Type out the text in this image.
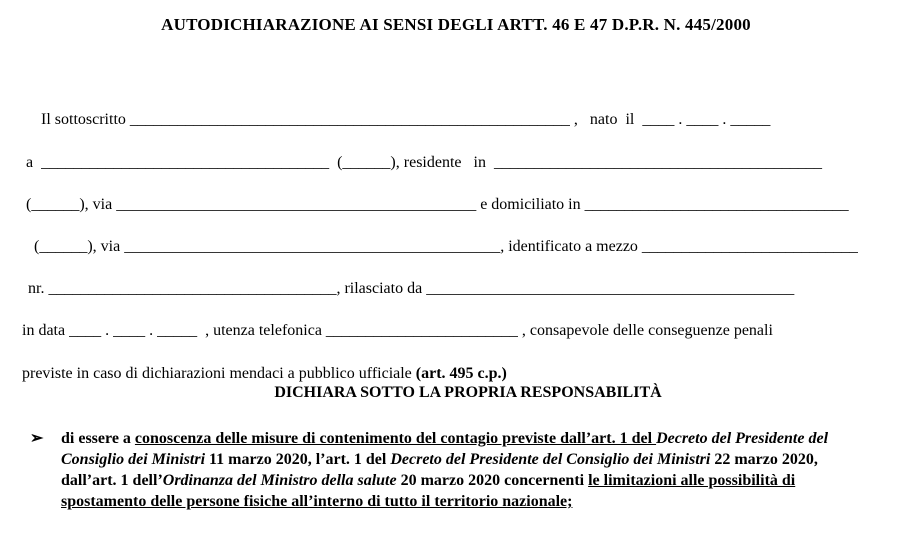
AUTODICHIARAZIONE AI SENSI DEGLI ARTT. 46 E 47 D.P.R. N. 445/2000

Il sottoscritto _______________________________________________________ ,   nato  il  ____ . ____ . _____

a  ____________________________________  (______), residente   in  _________________________________________

(______), via _____________________________________________ e domiciliato in _________________________________

(______), via _______________________________________________, identificato a mezzo ___________________________

nr. ____________________________________, rilasciato da ______________________________________________

in data ____ . ____ . _____  , utenza telefonica ________________________ , consapevole delle conseguenze penali

previste in caso di dichiarazioni mendaci a pubblico ufficiale (art. 495 c.p.)

DICHIARA SOTTO LA PROPRIA RESPONSABILITÀ
➢	di essere a conoscenza delle misure di contenimento del contagio previste dall’art. 1 del Decreto del Presidente del Consiglio dei Ministri 11 marzo 2020, l’art. 1 del Decreto del Presidente del Consiglio dei Ministri 22 marzo 2020, dall’art. 1 dell’Ordinanza del Ministro della salute 20 marzo 2020 concernenti le limitazioni alle possibilità di spostamento delle persone fisiche all’interno di tutto il territorio nazionale;
